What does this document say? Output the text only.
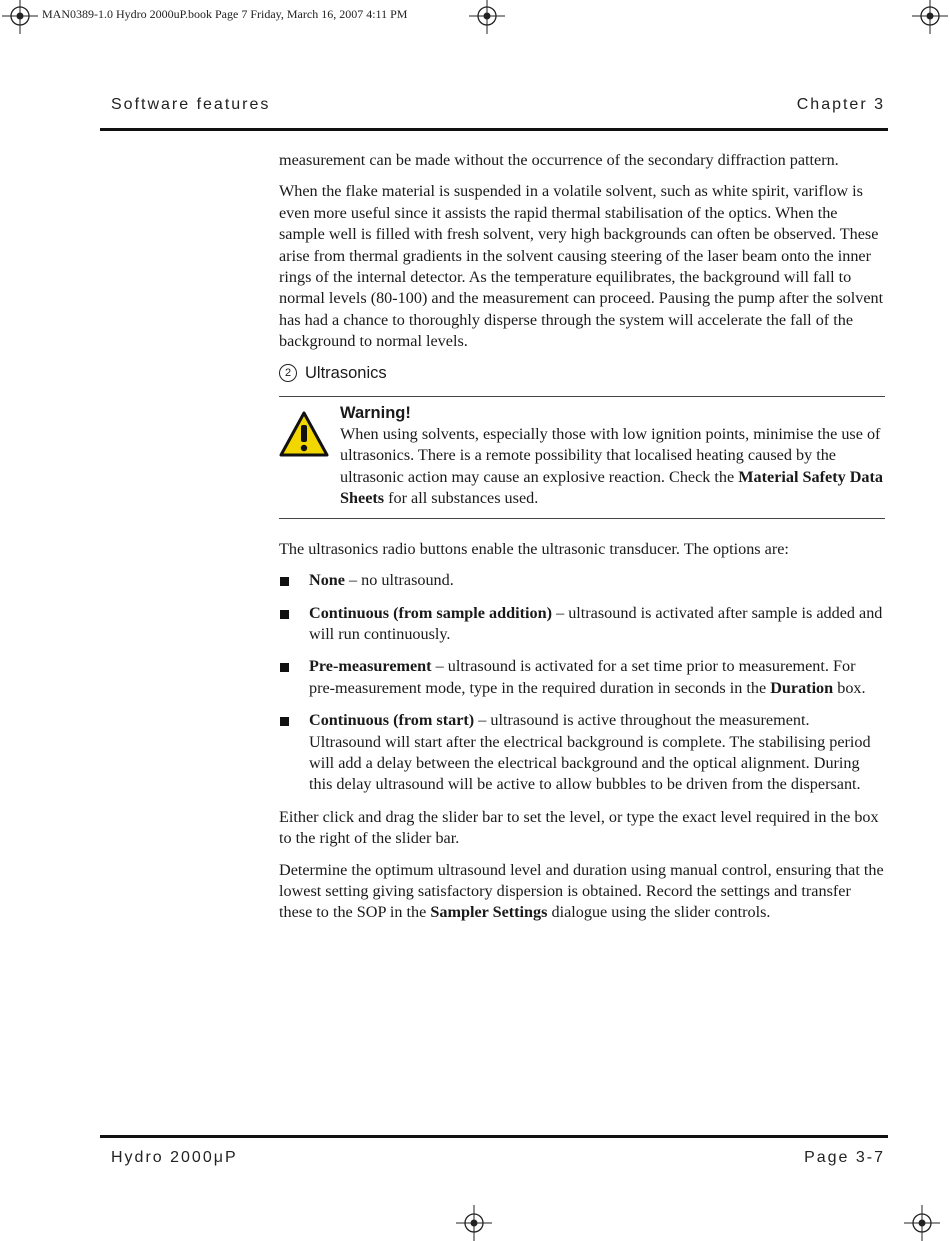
MAN0389-1.0 Hydro 2000uP.book Page 7 Friday, March 16, 2007 4:11 PM
Software features	Chapter 3

measurement can be made without the occurrence of the secondary diffraction pattern.

When the flake material is suspended in a volatile solvent, such as white spirit, variflow is even more useful since it assists the rapid thermal stabilisation of the optics. When the sample well is filled with fresh solvent, very high backgrounds can often be observed. These arise from thermal gradients in the solvent causing steering of the laser beam onto the inner rings of the internal detector. As the temperature equilibrates, the background will fall to normal levels (80-100) and the measurement can proceed. Pausing the pump after the solvent has had a chance to thoroughly disperse through the system will accelerate the fall of the background to normal levels.

2 Ultrasonics
Warning!

When using solvents, especially those with low ignition points, minimise the use of ultrasonics. There is a remote possibility that localised heating caused by the ultrasonic action may cause an explosive reaction. Check the Material Safety Data Sheets for all substances used.

The ultrasonics radio buttons enable the ultrasonic transducer. The options are:

None – no ultrasound.
Continuous (from sample addition) – ultrasound is activated after sample is added and will run continuously.
Pre-measurement – ultrasound is activated for a set time prior to measurement. For pre-measurement mode, type in the required duration in seconds in the Duration box.
Continuous (from start) – ultrasound is active throughout the measurement. Ultrasound will start after the electrical background is complete. The stabilising period will add a delay between the electrical background and the optical alignment. During this delay ultrasound will be active to allow bubbles to be driven from the dispersant.

Either click and drag the slider bar to set the level, or type the exact level required in the box to the right of the slider bar.

Determine the optimum ultrasound level and duration using manual control, ensuring that the lowest setting giving satisfactory dispersion is obtained. Record the settings and transfer these to the SOP in the Sampler Settings dialogue using the slider controls.

Hydro 2000μP	Page 3-7
